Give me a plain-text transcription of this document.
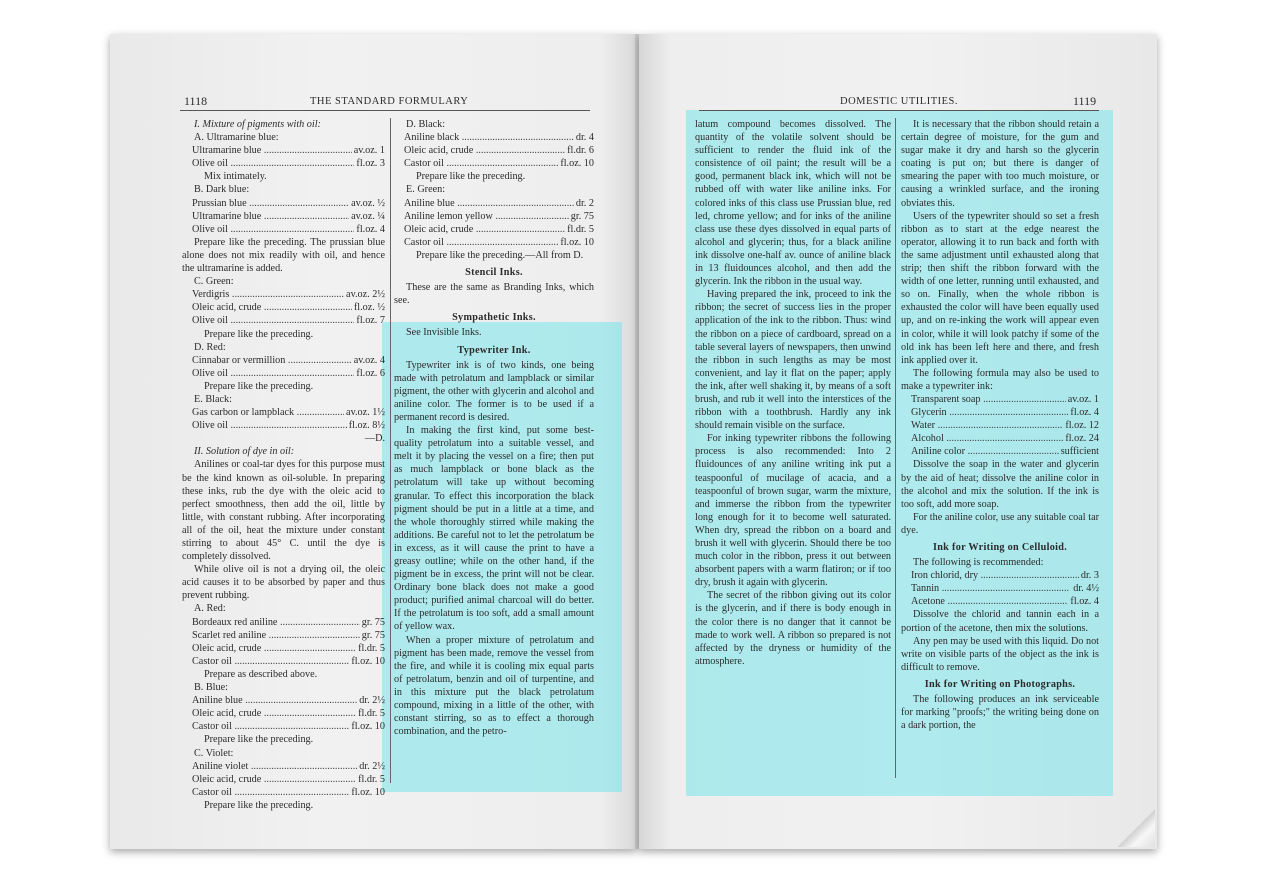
1118	THE STANDARD FORMULARY

I. Mixture of pigments with oil:

A. Ultramarine blue:

Ultramarine blue .....	av.oz. 1
Olive oil .....	fl.oz. 3

Mix intimately.

B. Dark blue:

Prussian blue .....	av.oz. ½
Ultramarine blue .....	av.oz. ¼
Olive oil .....	fl.oz. 4

Prepare like the preceding. The prussian blue alone does not mix readily with oil, and hence the ultramarine is added.

C. Green:

Verdigris .....	av.oz. 2½
Oleic acid, crude .....	fl.oz. ½
Olive oil .....	fl.oz. 7

Prepare like the preceding.

D. Red:

Cinnabar or vermillion .....	av.oz. 4
Olive oil .....	fl.oz. 6

Prepare like the preceding.

E. Black:

Gas carbon or lampblack .....	av.oz. 1½
Olive oil .....	fl.oz. 8½

—D.

II. Solution of dye in oil:

Anilines or coal-tar dyes for this purpose must be the kind known as oil-soluble. In preparing these inks, rub the dye with the oleic acid to perfect smoothness, then add the oil, little by little, with constant rubbing. After incorporating all of the oil, heat the mixture under constant stirring to about 45° C. until the dye is completely dissolved.

While olive oil is not a drying oil, the oleic acid causes it to be absorbed by paper and thus prevent rubbing.

A. Red:

Bordeaux red aniline .....	gr. 75
Scarlet red aniline .....	gr. 75
Oleic acid, crude .....	fl.dr. 5
Castor oil .....	fl.oz. 10

Prepare as described above.

B. Blue:

Aniline blue .....	dr. 2½
Oleic acid, crude .....	fl.dr. 5
Castor oil .....	fl.oz. 10

Prepare like the preceding.

C. Violet:

Aniline violet .....	dr. 2½
Oleic acid, crude .....	fl.dr. 5
Castor oil .....	fl.oz. 10

Prepare like the preceding.

D. Black:

Aniline black .....	dr. 4
Oleic acid, crude .....	fl.dr. 6
Castor oil .....	fl.oz. 10

Prepare like the preceding.

E. Green:

Aniline blue .....	dr. 2
Aniline lemon yellow .....	gr. 75
Oleic acid, crude .....	fl.dr. 5
Castor oil .....	fl.oz. 10

Prepare like the preceding.—All from D.

Stencil Inks.

These are the same as Branding Inks, which see.

Sympathetic Inks.

See Invisible Inks.

Typewriter Ink.

Typewriter ink is of two kinds, one being made with petrolatum and lampblack or similar pigment, the other with glycerin and alcohol and aniline color. The former is to be used if a permanent record is desired.

In making the first kind, put some best-quality petrolatum into a suitable vessel, and melt it by placing the vessel on a fire; then put as much lampblack or bone black as the petrolatum will take up without becoming granular. To effect this incorporation the black pigment should be put in a little at a time, and the whole thoroughly stirred while making the additions. Be careful not to let the petrolatum be in excess, as it will cause the print to have a greasy outline; while on the other hand, if the pigment be in excess, the print will not be clear. Ordinary bone black does not make a good product; purified animal charcoal will do better. If the petrolatum is too soft, add a small amount of yellow wax.

When a proper mixture of petrolatum and pigment has been made, remove the vessel from the fire, and while it is cooling mix equal parts of petrolatum, benzin and oil of turpentine, and in this mixture put the black petrolatum compound, mixing in a little of the other, with constant stirring, so as to effect a thorough combination, and the petro-

DOMESTIC UTILITIES.	1119

latum compound becomes dissolved. The quantity of the volatile solvent should be sufficient to render the fluid ink of the consistence of oil paint; the result will be a good, permanent black ink, which will not be rubbed off with water like aniline inks. For colored inks of this class use Prussian blue, red led, chrome yellow; and for inks of the aniline class use these dyes dissolved in equal parts of alcohol and glycerin; thus, for a black aniline ink dissolve one-half av. ounce of aniline black in 13 fluidounces alcohol, and then add the glycerin. Ink the ribbon in the usual way.

Having prepared the ink, proceed to ink the ribbon; the secret of success lies in the proper application of the ink to the ribbon. Thus: wind the ribbon on a piece of cardboard, spread on a table several layers of newspapers, then unwind the ribbon in such lengths as may be most convenient, and lay it flat on the paper; apply the ink, after well shaking it, by means of a soft brush, and rub it well into the interstices of the ribbon with a toothbrush. Hardly any ink should remain visible on the surface.

For inking typewriter ribbons the following process is also recommended: Into 2 fluidounces of any aniline writing ink put a teaspoonful of mucilage of acacia, and a teaspoonful of brown sugar, warm the mixture, and immerse the ribbon from the typewriter long enough for it to become well saturated. When dry, spread the ribbon on a board and brush it well with glycerin. Should there be too much color in the ribbon, press it out between absorbent papers with a warm flatiron; or if too dry, brush it again with glycerin.

The secret of the ribbon giving out its color is the glycerin, and if there is body enough in the color there is no danger that it cannot be made to work well. A ribbon so prepared is not affected by the dryness or humidity of the atmosphere.

It is necessary that the ribbon should retain a certain degree of moisture, for the gum and sugar make it dry and harsh so the glycerin coating is put on; but there is danger of smearing the paper with too much moisture, or causing a wrinkled surface, and the ironing obviates this.

Users of the typewriter should so set a fresh ribbon as to start at the edge nearest the operator, allowing it to run back and forth with the same adjustment until exhausted along that strip; then shift the ribbon forward with the width of one letter, running until exhausted, and so on. Finally, when the whole ribbon is exhausted the color will have been equally used up, and on re-inking the work will appear even in color, while it will look patchy if some of the old ink has been left here and there, and fresh ink applied over it.

The following formula may also be used to make a typewriter ink:

Transparent soap .....	av.oz. 1
Glycerin .....	fl.oz. 4
Water .....	fl.oz. 12
Alcohol .....	fl.oz. 24
Aniline color .....	sufficient

Dissolve the soap in the water and glycerin by the aid of heat; dissolve the aniline color in the alcohol and mix the solution. If the ink is too soft, add more soap.

For the aniline color, use any suitable coal tar dye.

Ink for Writing on Celluloid.

The following is recommended:

Iron chlorid, dry .....	dr. 3
Tannin .....	dr. 4½
Acetone .....	fl.oz. 4

Dissolve the chlorid and tannin each in a portion of the acetone, then mix the solutions.

Any pen may be used with this liquid. Do not write on visible parts of the object as the ink is difficult to remove.

Ink for Writing on Photographs.

The following produces an ink serviceable for marking "proofs;" the writing being done on a dark portion, the
